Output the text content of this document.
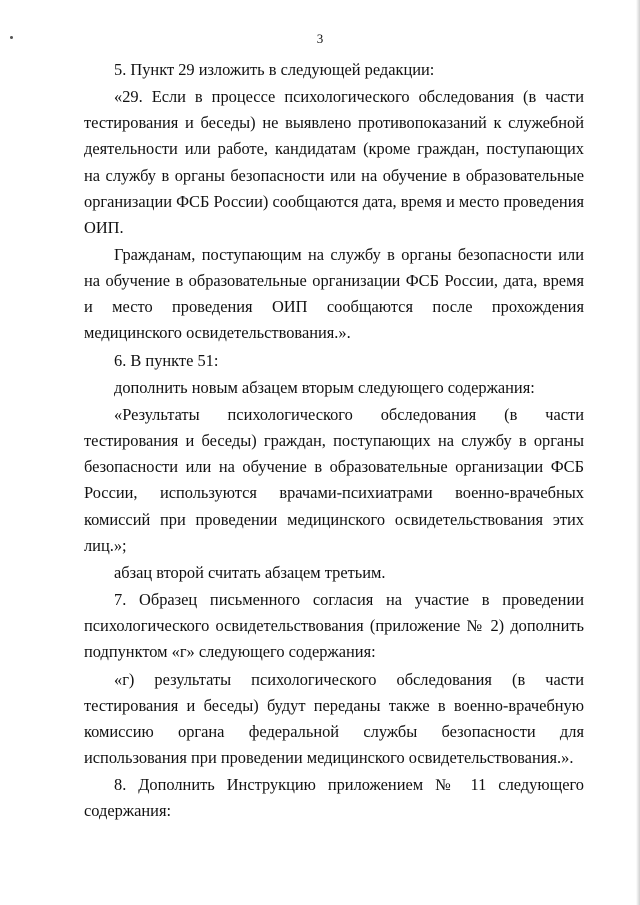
3

5. Пункт 29 изложить в следующей редакции:

«29. Если в процессе психологического обследования (в части тестирования и беседы) не выявлено противопоказаний к служебной деятельности или работе, кандидатам (кроме граждан, поступающих на службу в органы безопасности или на обучение в образовательные организации ФСБ России) сообщаются дата, время и место проведения ОИП.

Гражданам, поступающим на службу в органы безопасности или на обучение в образовательные организации ФСБ России, дата, время и место проведения ОИП сообщаются после прохождения медицинского освидетельствования.».

6. В пункте 51:

дополнить новым абзацем вторым следующего содержания:

«Результаты психологического обследования (в части тестирования и беседы) граждан, поступающих на службу в органы безопасности или на обучение в образовательные организации ФСБ России, используются врачами-психиатрами военно-врачебных комиссий при проведении медицинского освидетельствования этих лиц.»;

абзац второй считать абзацем третьим.

7. Образец письменного согласия на участие в проведении психологического освидетельствования (приложение № 2) дополнить подпунктом «г» следующего содержания:

«г) результаты психологического обследования (в части тестирования и беседы) будут переданы также в военно-врачебную комиссию органа федеральной службы безопасности для использования при проведении медицинского освидетельствования.».

8. Дополнить Инструкцию приложением № 11 следующего содержания:
